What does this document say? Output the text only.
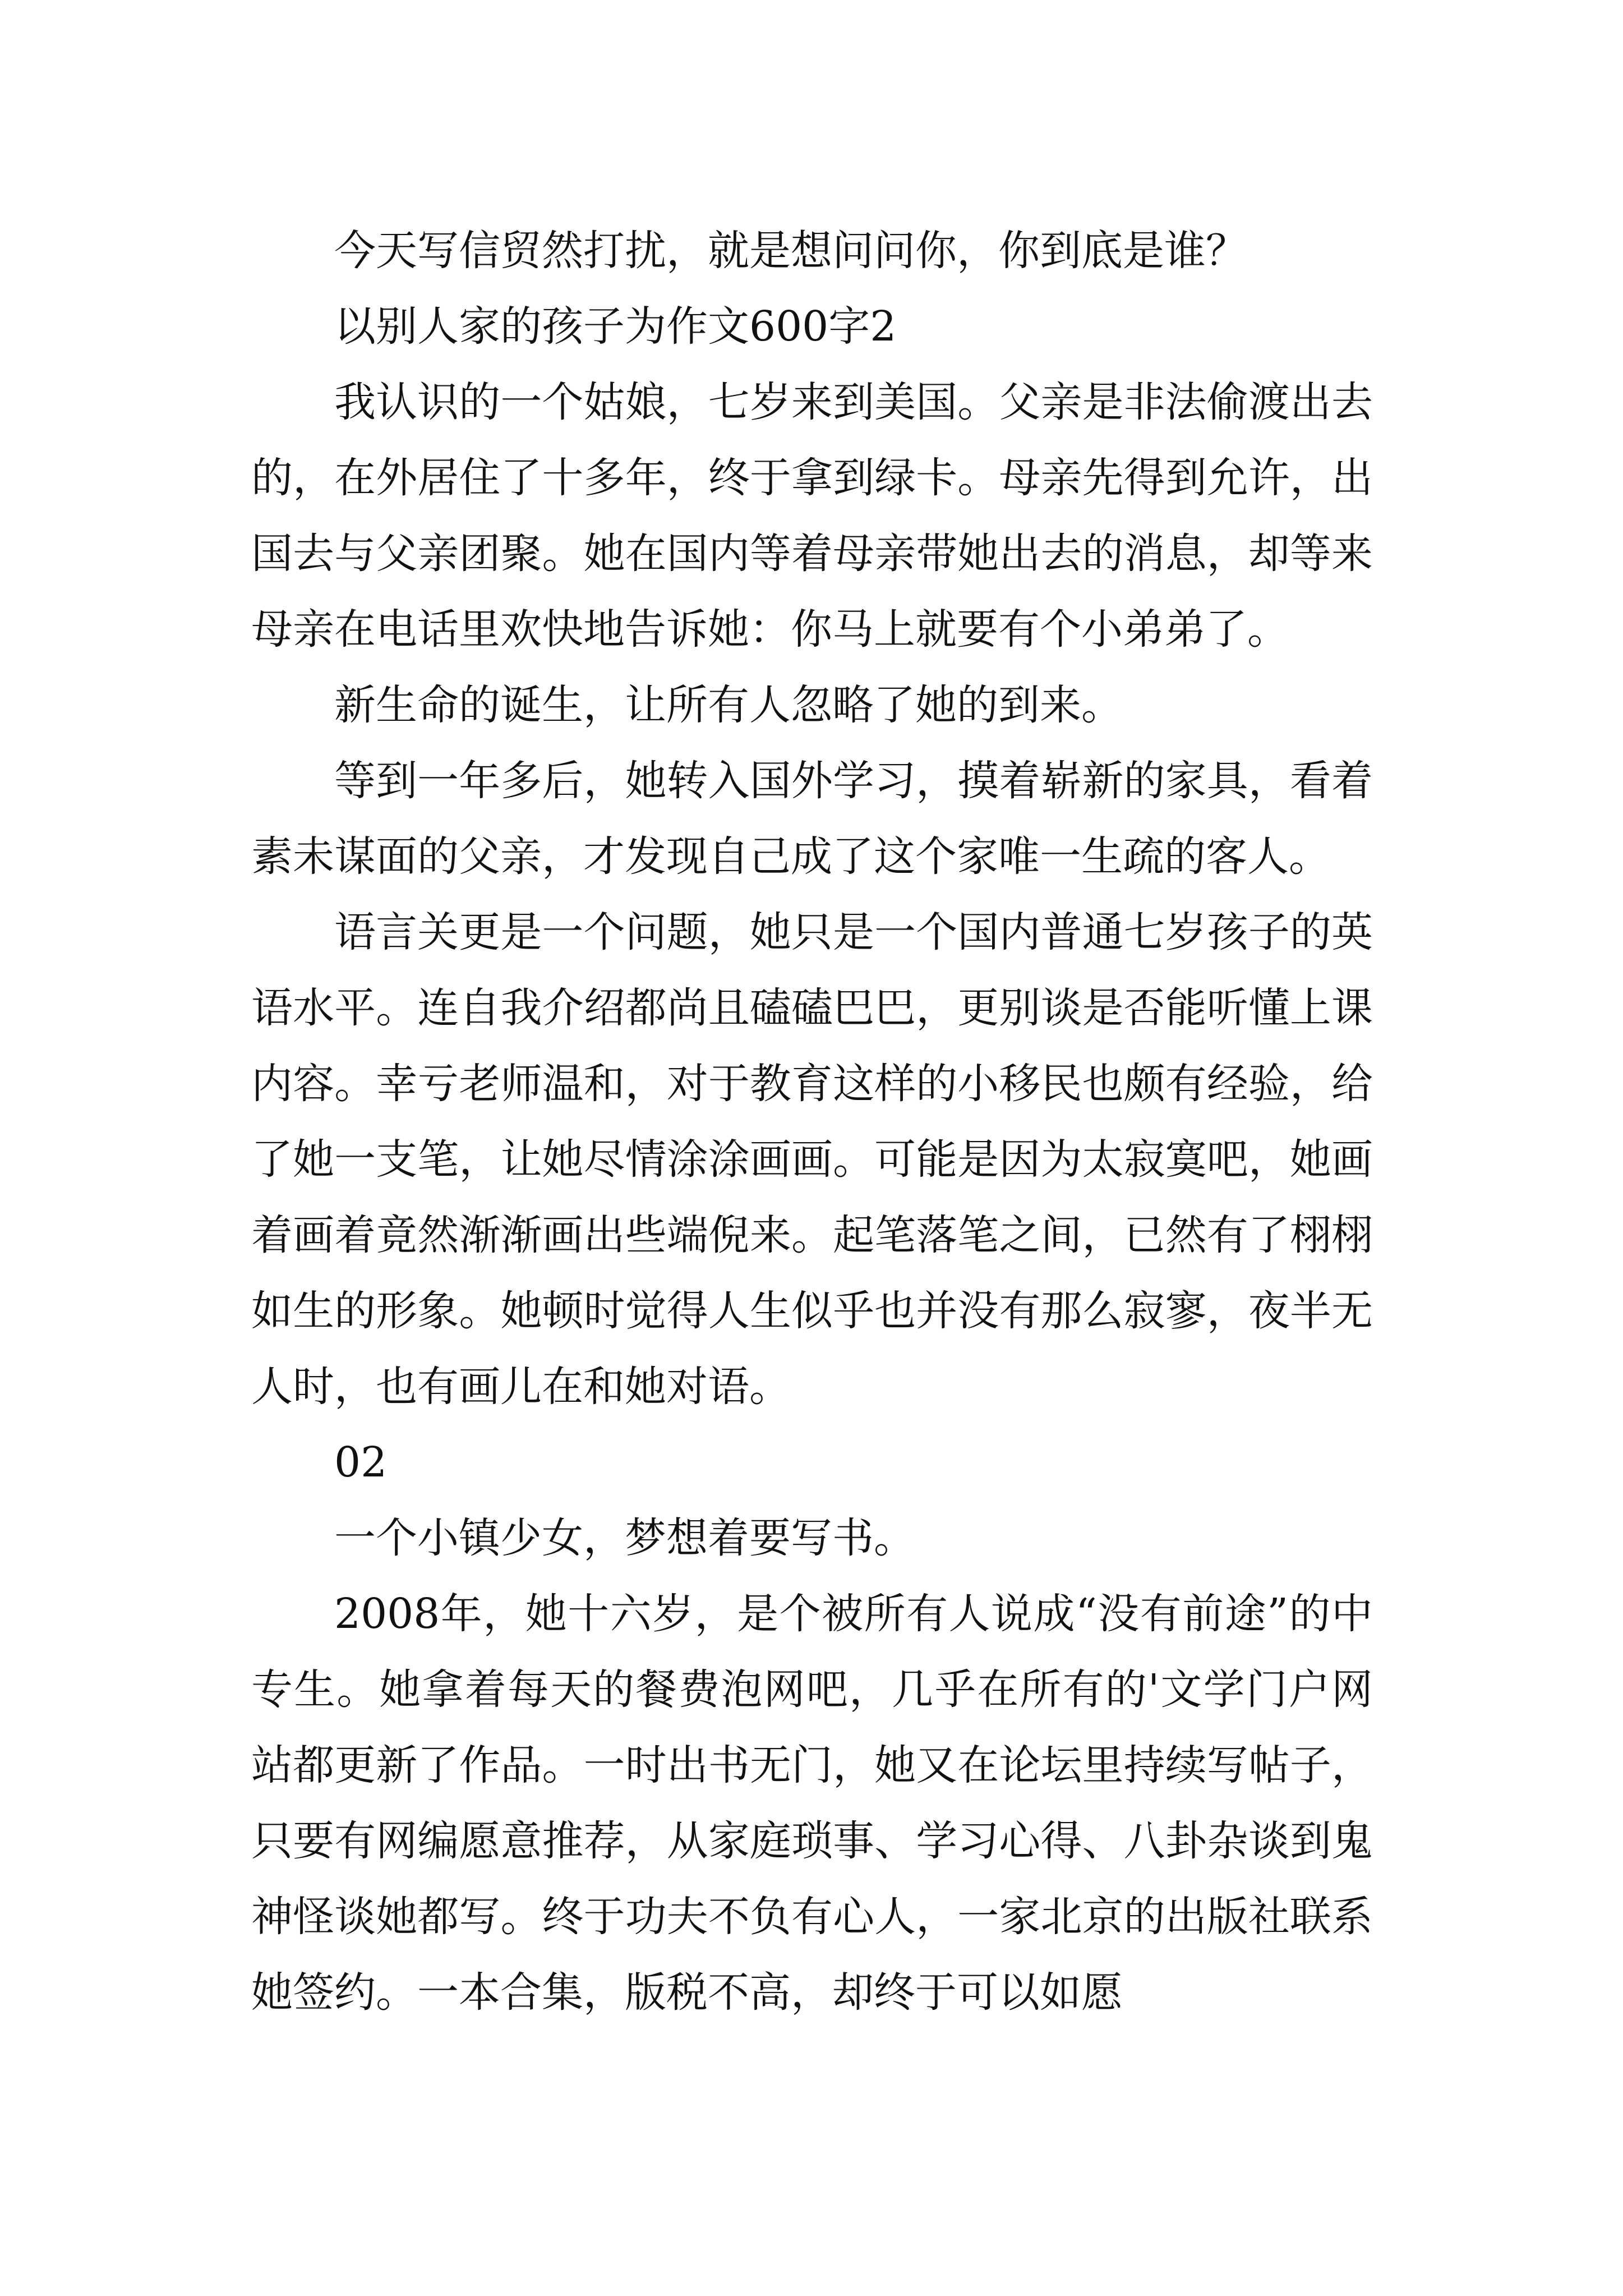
今天写信贸然打扰，就是想问问你，你到底是谁？

以别人家的孩子为作文600字2

我认识的一个姑娘，七岁来到美国。父亲是非法偷渡出去的，在外居住了十多年，终于拿到绿卡。母亲先得到允许，出国去与父亲团聚。她在国内等着母亲带她出去的消息，却等来母亲在电话里欢快地告诉她：你马上就要有个小弟弟了。

新生命的诞生，让所有人忽略了她的到来。

等到一年多后，她转入国外学习，摸着崭新的家具，看着素未谋面的父亲，才发现自己成了这个家唯一生疏的客人。

语言关更是一个问题，她只是一个国内普通七岁孩子的英语水平。连自我介绍都尚且磕磕巴巴，更别谈是否能听懂上课内容。幸亏老师温和，对于教育这样的小移民也颇有经验，给了她一支笔，让她尽情涂涂画画。可能是因为太寂寞吧，她画着画着竟然渐渐画出些端倪来。起笔落笔之间，已然有了栩栩如生的形象。她顿时觉得人生似乎也并没有那么寂寥，夜半无人时，也有画儿在和她对语。

02

一个小镇少女，梦想着要写书。

2008年，她十六岁，是个被所有人说成“没有前途”的中专生。她拿着每天的餐费泡网吧，几乎在所有的'文学门户网站都更新了作品。一时出书无门，她又在论坛里持续写帖子，只要有网编愿意推荐，从家庭琐事、学习心得、八卦杂谈到鬼神怪谈她都写。终于功夫不负有心人，一家北京的出版社联系她签约。一本合集，版税不高，却终于可以如愿
